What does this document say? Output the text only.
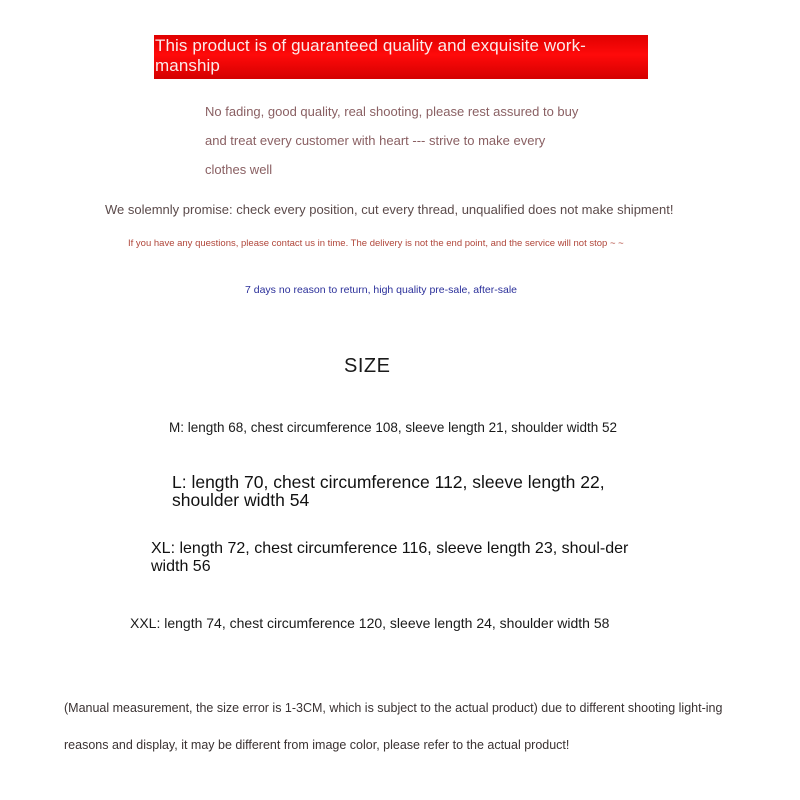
This product is of guaranteed quality and exquisite work-manship
No fading, good quality, real shooting, please rest assured to buy
and treat every customer with heart --- strive to make every
clothes well
We solemnly promise: check every position, cut every thread, unqualified does not make shipment!
If you have any questions, please contact us in time. The delivery is not the end point, and the service will not stop ~ ~
7 days no reason to return, high quality pre-sale, after-sale
SIZE
M: length 68, chest circumference 108, sleeve length 21, shoulder width 52
L: length 70, chest circumference 112, sleeve length 22, shoulder width 54
XL: length 72, chest circumference 116, sleeve length 23, shoul-der width 56
XXL: length 74, chest circumference 120, sleeve length 24, shoulder width 58
(Manual measurement, the size error is 1-3CM, which is subject to the actual product) due to different shooting light-ing reasons and display, it may be different from image color, please refer to the actual product!
